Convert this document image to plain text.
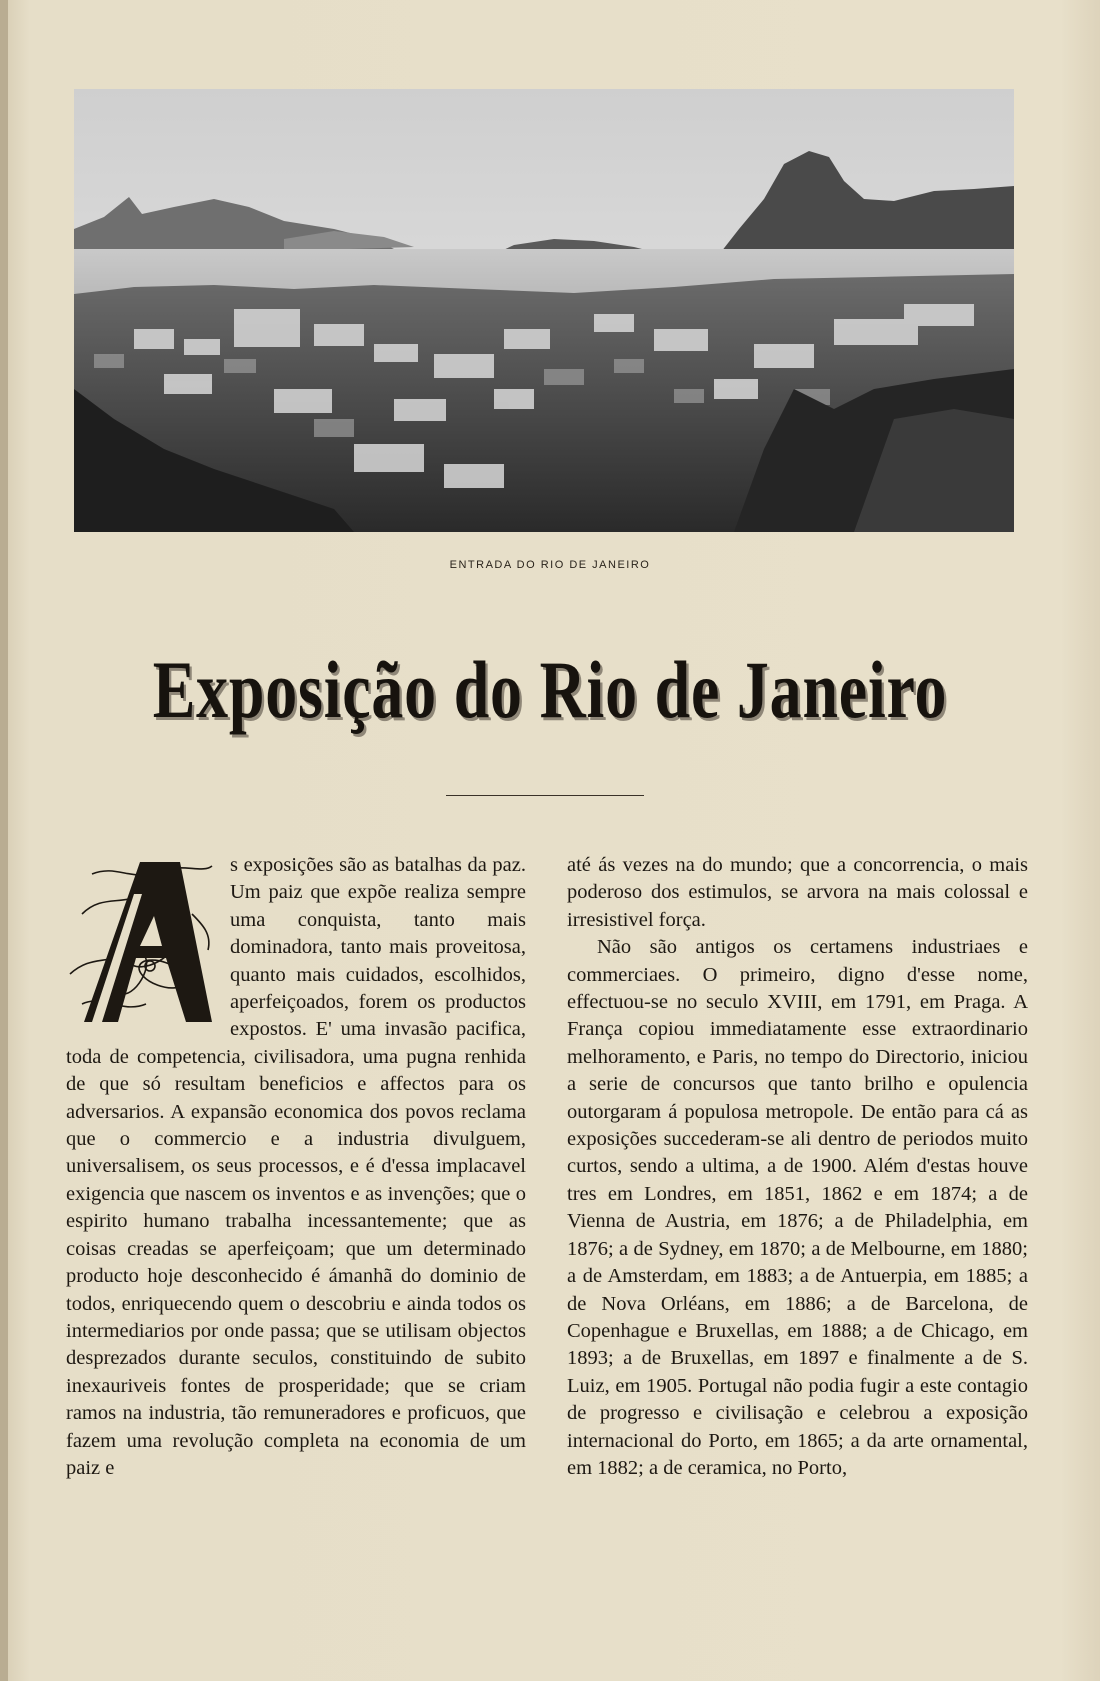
ENTRADA DO RIO DE JANEIRO
Exposição do Rio de Janeiro

s exposições são as batalhas da paz. Um paiz que expõe realiza sempre uma conquista, tanto mais dominadora, tanto mais proveitosa, quanto mais cuidados, escolhidos, aperfeiçoados, forem os productos expostos. E' uma invasão pacifica, toda de competencia, civilisadora, uma pugna renhida de que só resultam beneficios e affectos para os adversarios. A expansão economica dos povos reclama que o commercio e a industria divulguem, universalisem, os seus processos, e é d'essa implacavel exigencia que nascem os inventos e as invenções; que o espirito humano trabalha incessantemente; que as coisas creadas se aperfeiçoam; que um determinado producto hoje desconhecido é ámanhã do dominio de todos, enriquecendo quem o descobriu e ainda todos os intermediarios por onde passa; que se utilisam objectos desprezados durante seculos, constituindo de subito inexauriveis fontes de prosperidade; que se criam ramos na industria, tão remuneradores e proficuos, que fazem uma revolução completa na economia de um paiz e

até ás vezes na do mundo; que a concorrencia, o mais poderoso dos estimulos, se arvora na mais colossal e irresistivel força.

Não são antigos os certamens industriaes e commerciaes. O primeiro, digno d'esse nome, effectuou-se no seculo XVIII, em 1791, em Praga. A França copiou immediatamente esse extraordinario melhoramento, e Paris, no tempo do Directorio, iniciou a serie de concursos que tanto brilho e opulencia outorgaram á populosa metropole. De então para cá as exposições succederam-se ali dentro de periodos muito curtos, sendo a ultima, a de 1900. Além d'estas houve tres em Londres, em 1851, 1862 e em 1874; a de Vienna de Austria, em 1876; a de Philadelphia, em 1876; a de Sydney, em 1870; a de Melbourne, em 1880; a de Amsterdam, em 1883; a de Antuerpia, em 1885; a de Nova Orléans, em 1886; a de Barcelona, de Copenhague e Bruxellas, em 1888; a de Chicago, em 1893; a de Bruxellas, em 1897 e finalmente a de S. Luiz, em 1905. Portugal não podia fugir a este contagio de progresso e civilisação e celebrou a exposição internacional do Porto, em 1865; a da arte ornamental, em 1882; a de ceramica, no Porto,
